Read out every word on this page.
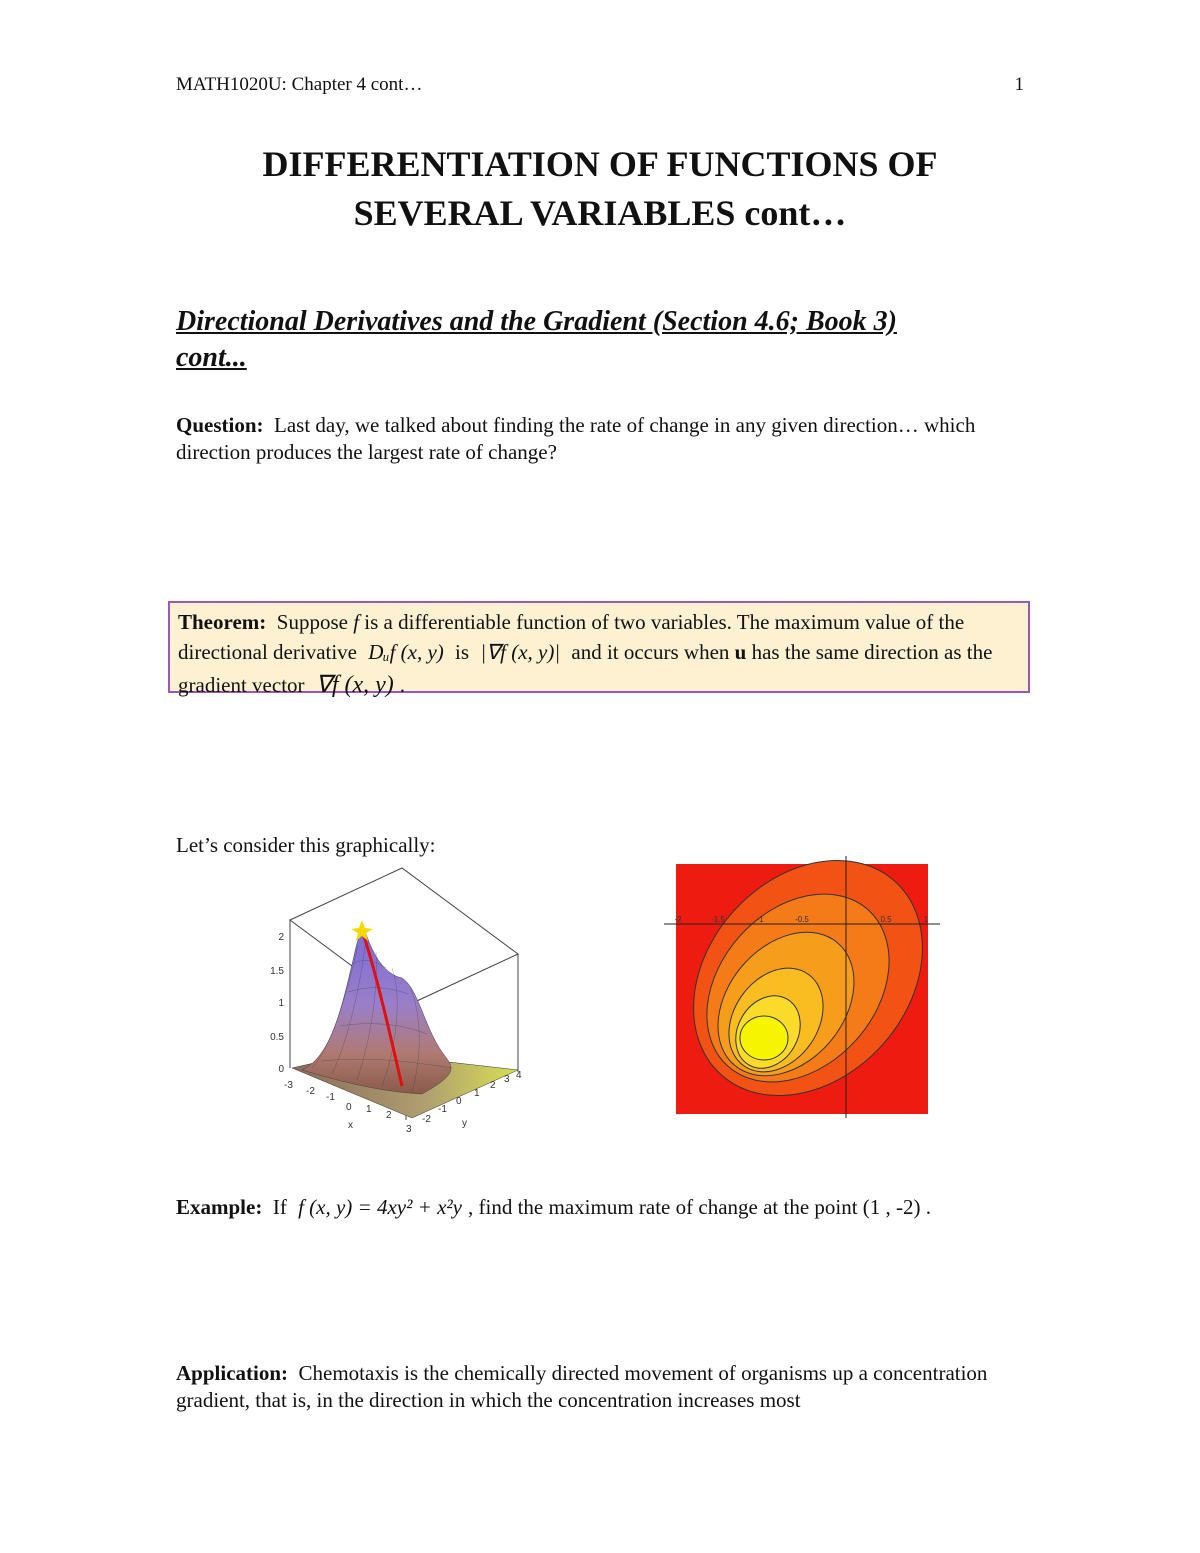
MATH1020U: Chapter 4 cont…	1
DIFFERENTIATION OF FUNCTIONS OF
SEVERAL VARIABLES cont…
Directional Derivatives and the Gradient (Section 4.6; Book 3)
cont...
Question: Last day, we talked about finding the rate of change in any given direction… which direction produces the largest rate of change?
Theorem: Suppose f is a differentiable function of two variables. The maximum value of the directional derivative Dᵤf (x, y) is |∇f (x, y)| and it occurs when u has the same direction as the gradient vector ∇f (x, y) .
Let’s consider this graphically:
2
1.5
1
0.5
0
-3
-2
-1
0 1
2
3
x
-2
-1
0
1
2
3 4
y
-2	-1.5	-1	-0.5	0.5	1
Example: If f (x, y) = 4xy² + x²y , find the maximum rate of change at the point (1 , -2) .
Application: Chemotaxis is the chemically directed movement of organisms up a concentration gradient, that is, in the direction in which the concentration increases most
